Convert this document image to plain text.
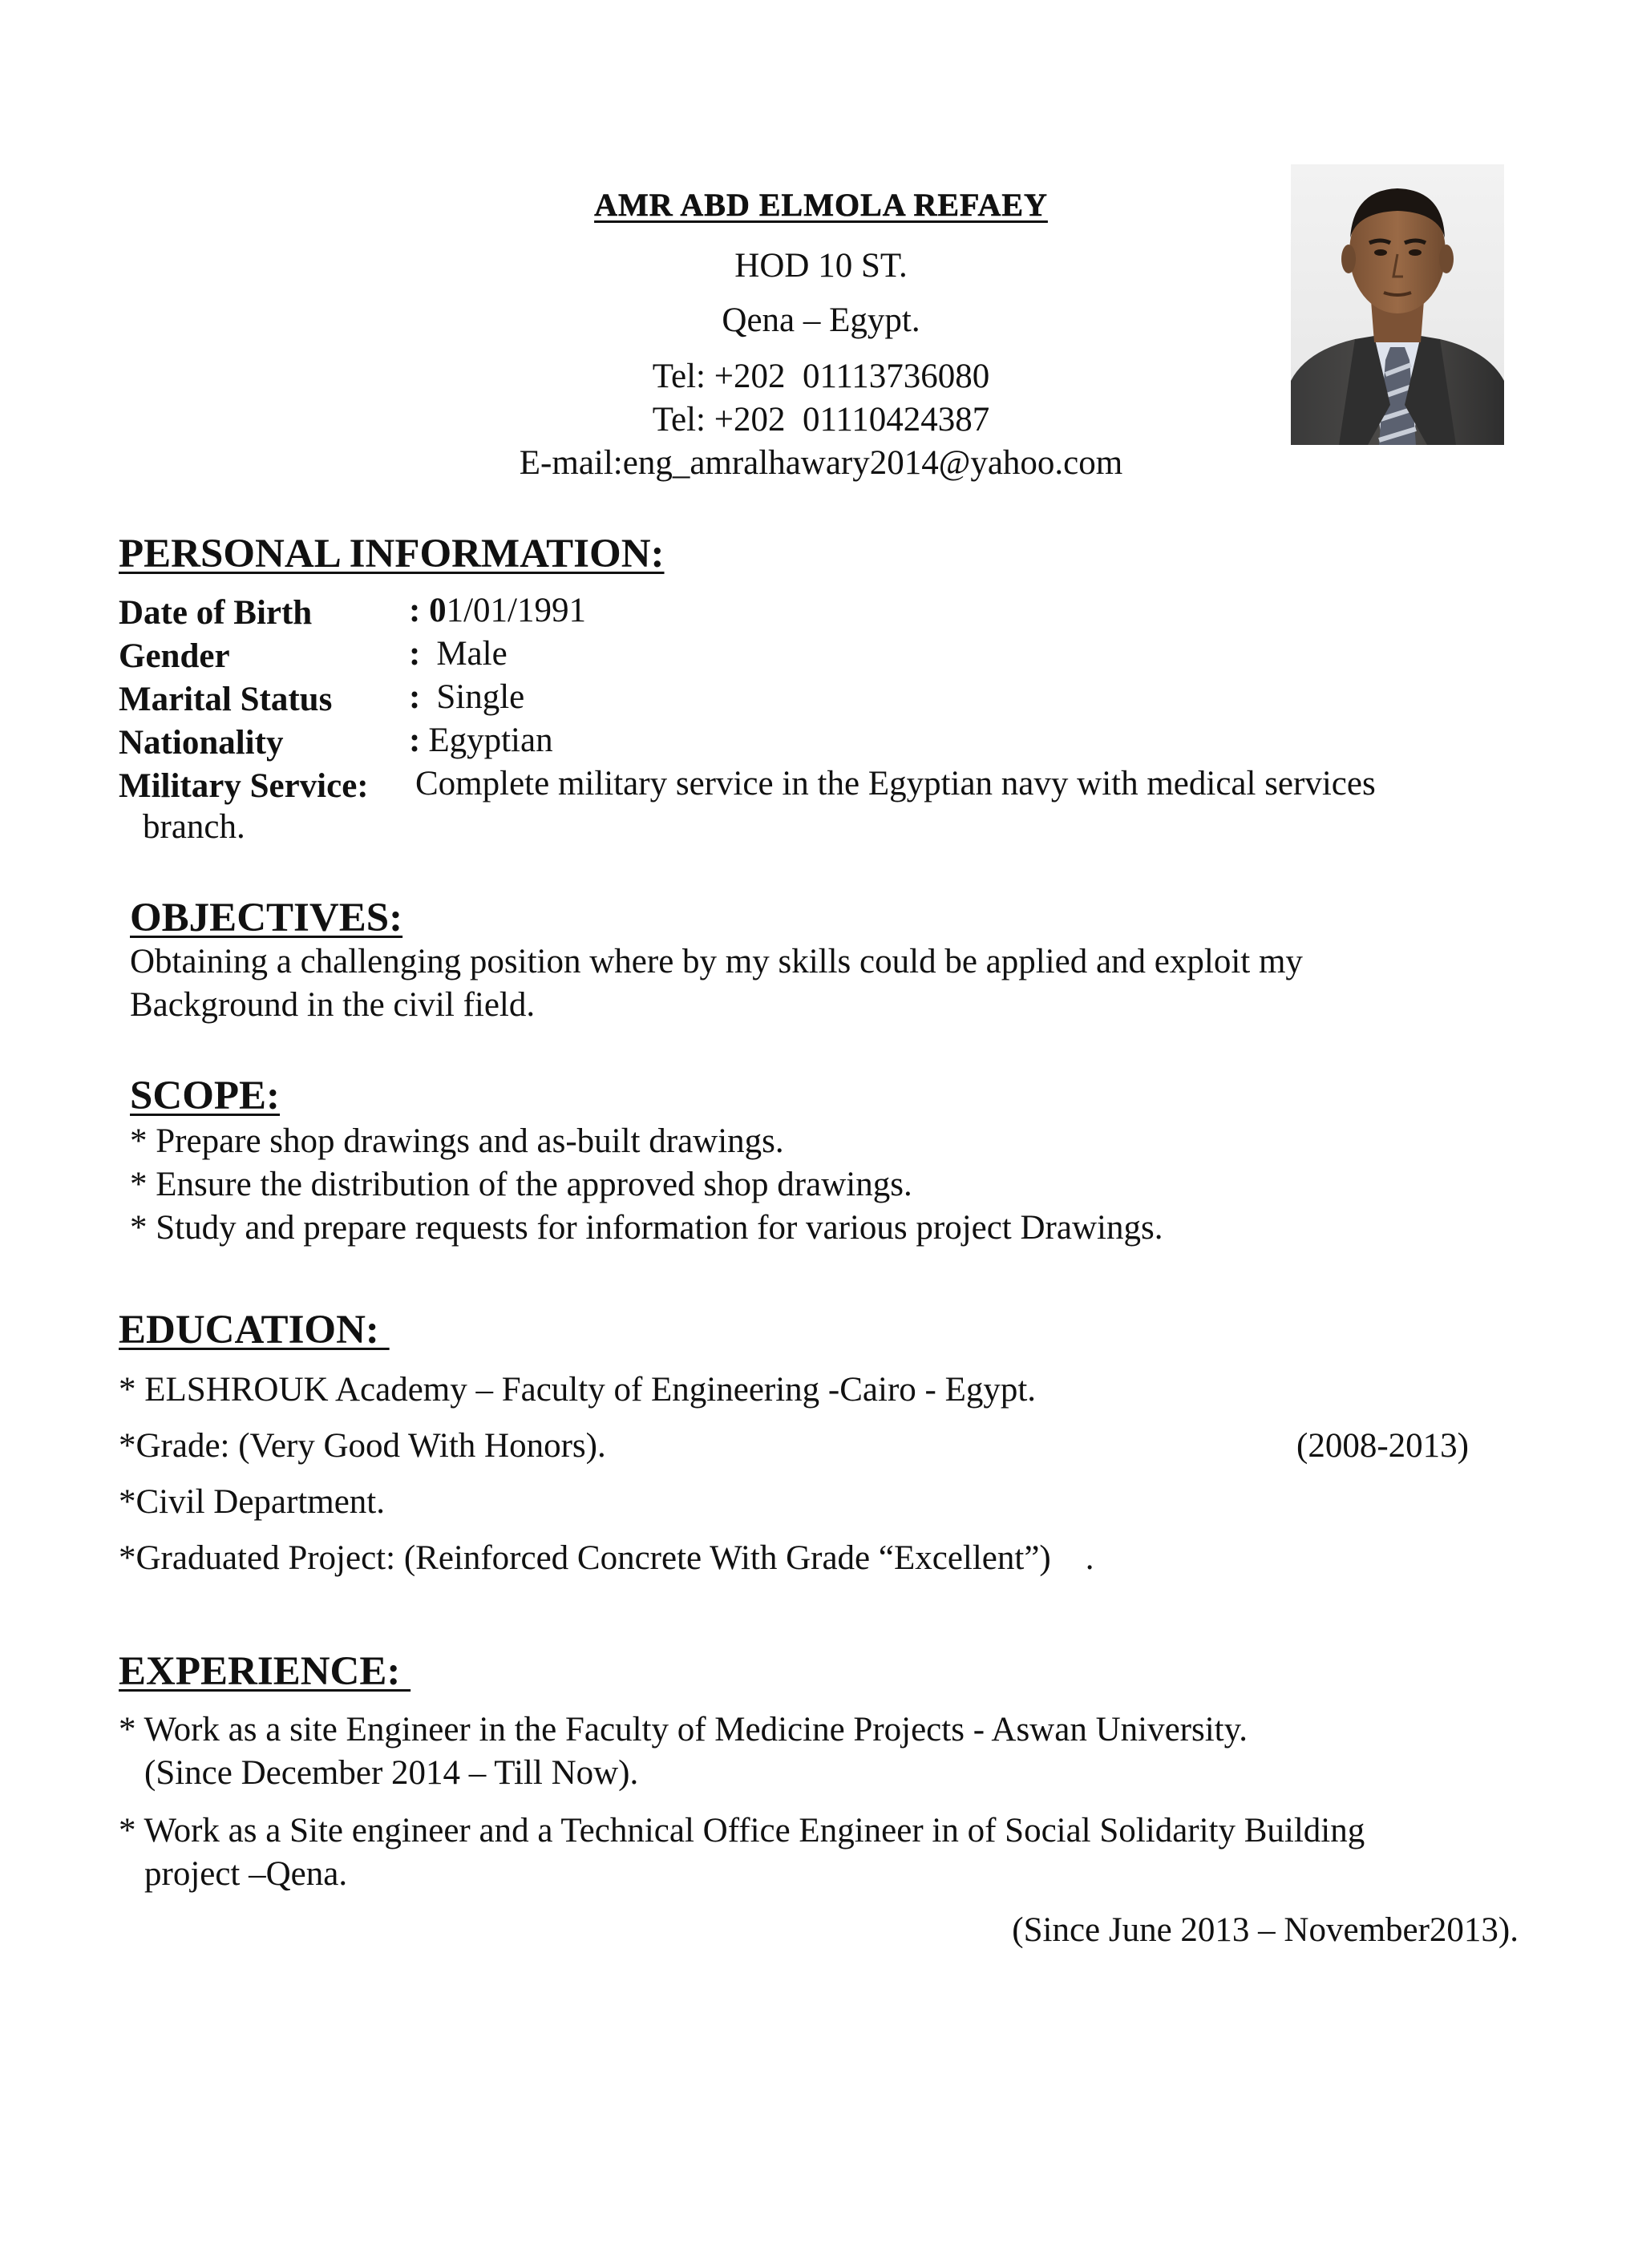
AMR ABD ELMOLA REFAEY
HOD 10 ST.
Qena – Egypt.
Tel: +202  01113736080
Tel: +202  01110424387
E-mail:eng_amralhawary2014@yahoo.com
PERSONAL INFORMATION:
Date of Birth	: 01/01/1991
Gender	: Male
Marital Status : Single
Nationality	: Egyptian
Military Service: Complete military service in the Egyptian navy with medical services
branch.
OBJECTIVES:
Obtaining a challenging position where by my skills could be applied and exploit my
Background in the civil field.
SCOPE:
* Prepare shop drawings and as-built drawings.
* Ensure the distribution of the approved shop drawings.
* Study and prepare requests for information for various project Drawings.
EDUCATION:
* ELSHROUK Academy – Faculty of Engineering -Cairo - Egypt.
*Grade: (Very Good With Honors).	(2008-2013)
*Civil Department.
*Graduated Project: (Reinforced Concrete With Grade “Excellent”)    .
EXPERIENCE:
* Work as a site Engineer in the Faculty of Medicine Projects - Aswan University.
(Since December 2014 – Till Now).
* Work as a Site engineer and a Technical Office Engineer in of Social Solidarity Building
project –Qena.
(Since June 2013 – November2013).
